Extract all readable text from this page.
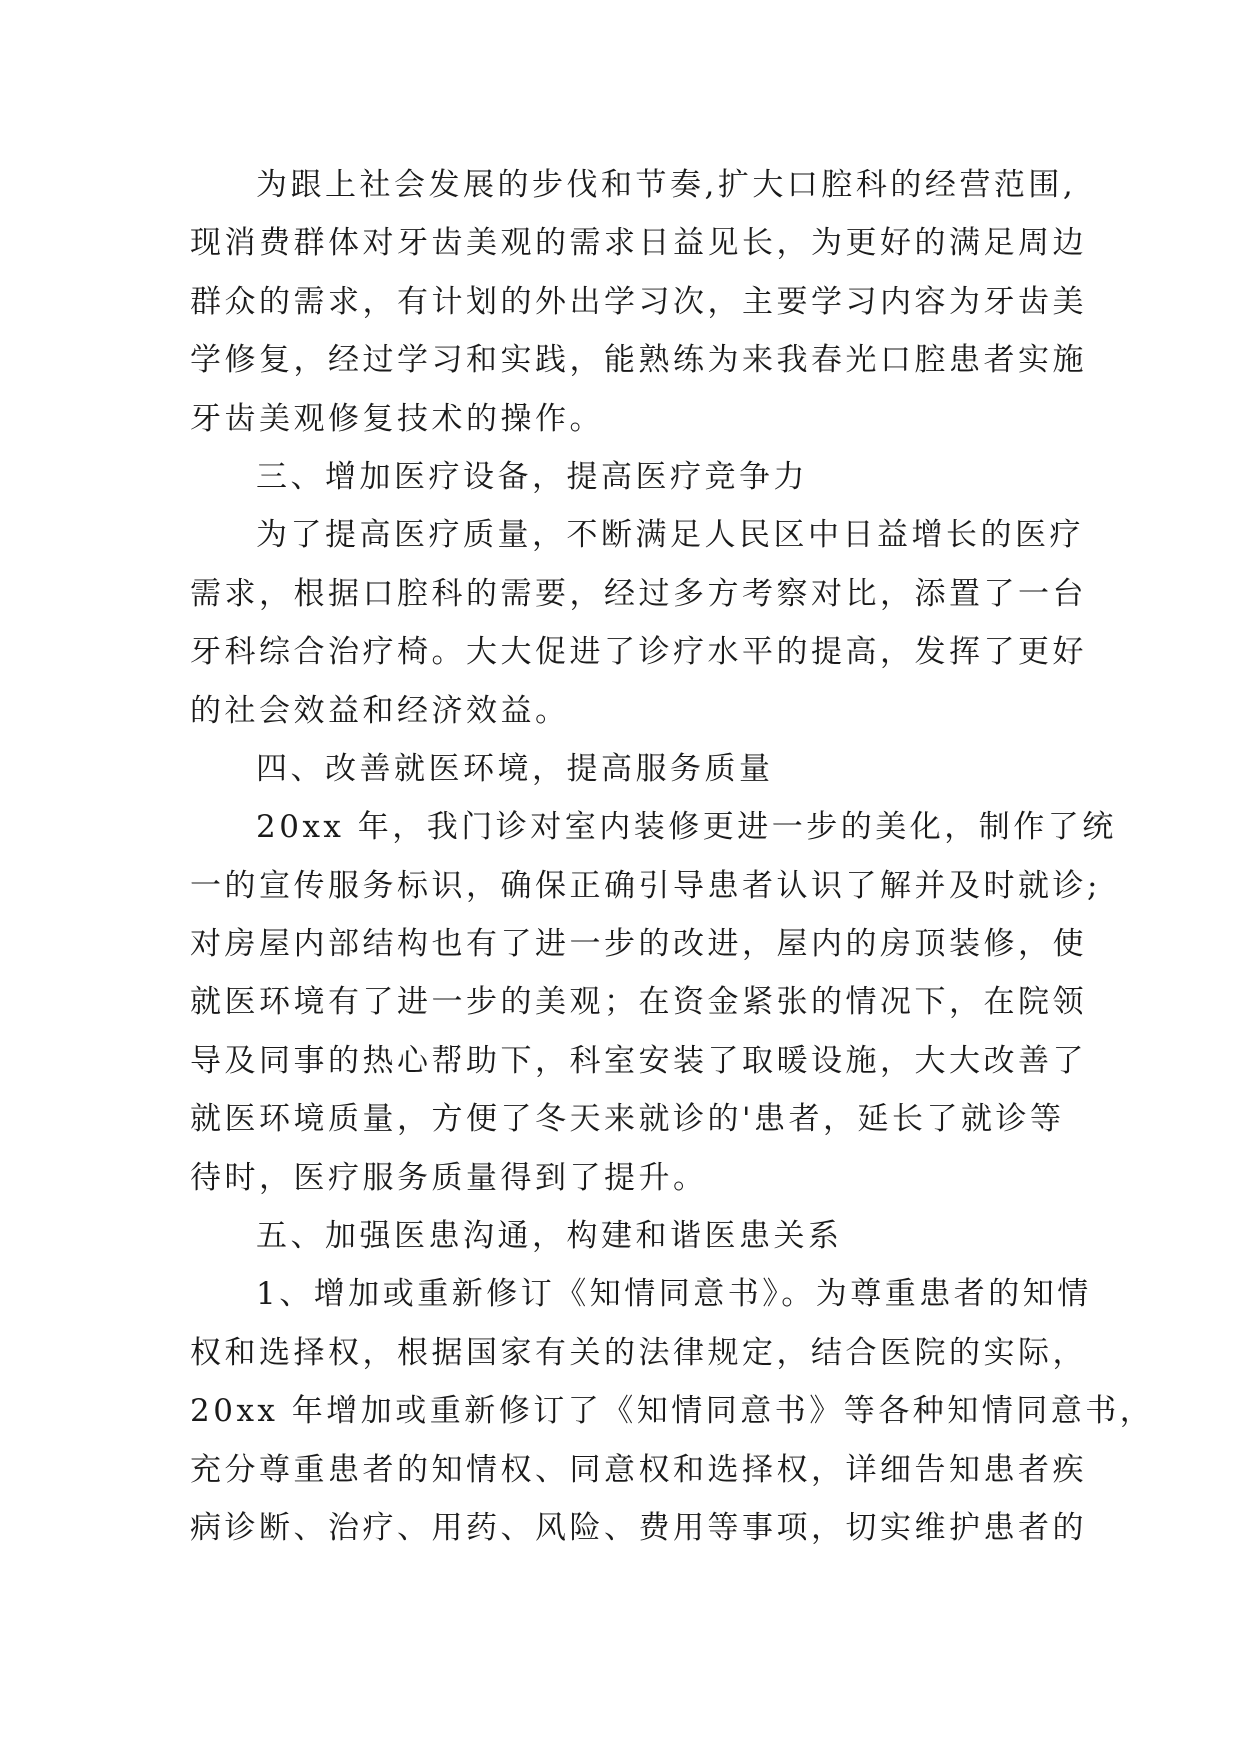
为跟上社会发展的步伐和节奏,扩大口腔科的经营范围,
现消费群体对牙齿美观的需求日益见长，为更好的满足周边
群众的需求，有计划的外出学习次，主要学习内容为牙齿美
学修复，经过学习和实践，能熟练为来我春光口腔患者实施
牙齿美观修复技术的操作。
三、增加医疗设备，提高医疗竞争力
为了提高医疗质量，不断满足人民区中日益增长的医疗
需求，根据口腔科的需要，经过多方考察对比，添置了一台
牙科综合治疗椅。大大促进了诊疗水平的提高，发挥了更好
的社会效益和经济效益。
四、改善就医环境，提高服务质量
20xx 年，我门诊对室内装修更进一步的美化，制作了统
一的宣传服务标识，确保正确引导患者认识了解并及时就诊;
对房屋内部结构也有了进一步的改进，屋内的房顶装修，使
就医环境有了进一步的美观；在资金紧张的情况下，在院领
导及同事的热心帮助下，科室安装了取暖设施，大大改善了
就医环境质量，方便了冬天来就诊的'患者，延长了就诊等
待时，医疗服务质量得到了提升。
五、加强医患沟通，构建和谐医患关系
1、增加或重新修订《知情同意书》。为尊重患者的知情
权和选择权，根据国家有关的法律规定，结合医院的实际，
20xx 年增加或重新修订了《知情同意书》等各种知情同意书，
充分尊重患者的知情权、同意权和选择权，详细告知患者疾
病诊断、治疗、用药、风险、费用等事项，切实维护患者的
